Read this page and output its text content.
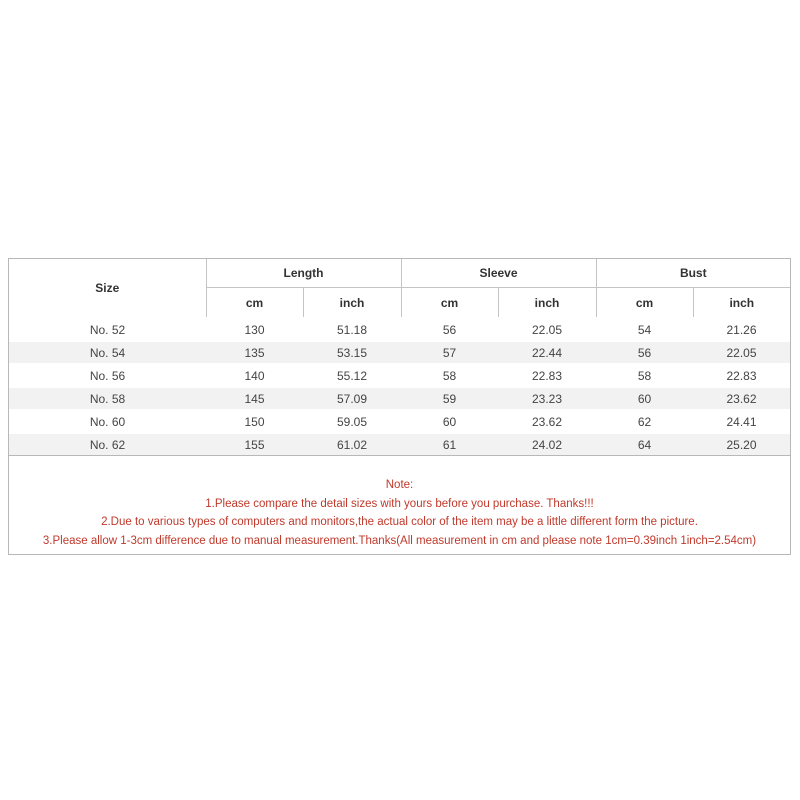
Size	Length		Sleeve		Bust	
	cm	inch	cm	inch	cm	inch
No. 52	130	51.18	56	22.05	54	21.26
No. 54	135	53.15	57	22.44	56	22.05
No. 56	140	55.12	58	22.83	58	22.83
No. 58	145	57.09	59	23.23	60	23.62
No. 60	150	59.05	60	23.62	62	24.41
No. 62	155	61.02	61	24.02	64	25.20
Note:
1.Please compare the detail sizes with yours before you purchase. Thanks!!!
2.Due to various types of computers and monitors,the actual color of the item may be a little different form the picture.
3.Please allow 1-3cm difference due to manual measurement.Thanks(All measurement in cm and please note 1cm=0.39inch 1inch=2.54cm)
